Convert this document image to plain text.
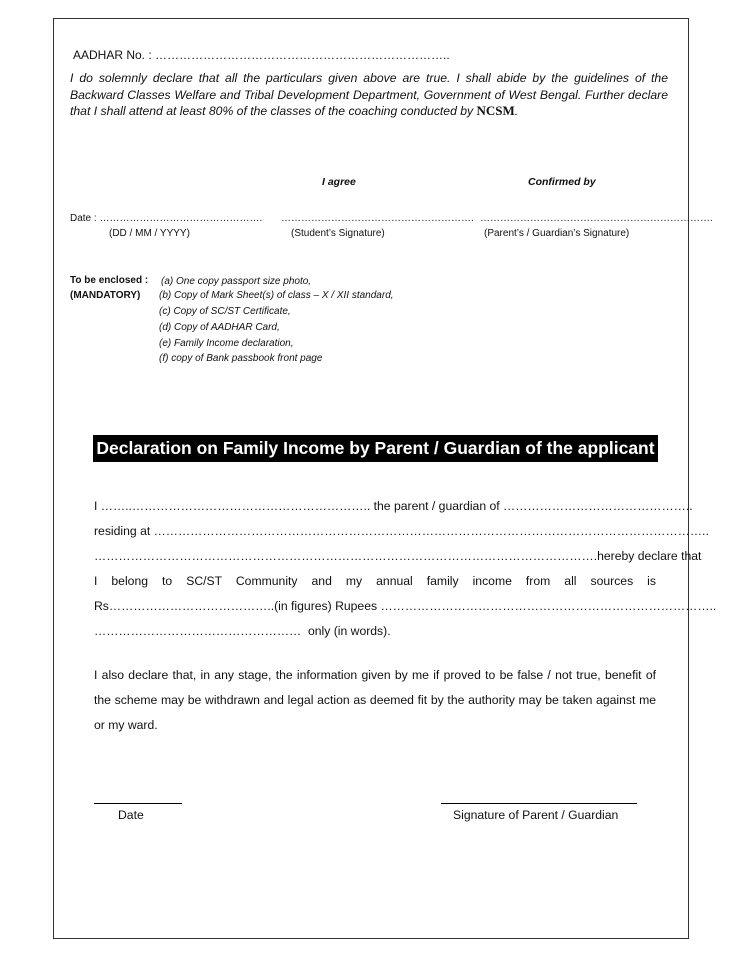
AADHAR No. : ………………………………………………………………..
I do solemnly declare that all the particulars given above are true. I shall abide by the guidelines of the Backward Classes Welfare and Tribal Development Department, Government of West Bengal. Further declare that I shall attend at least 80% of the classes of the coaching conducted by NCSM.
I agree	Confirmed by
Date : ………………………………………….
(DD / MM / YYYY)
………………………………………………….
(Student’s Signature)
…………………………………………………………….
(Parent’s / Guardian’s Signature)
To be enclosed :
(MANDATORY)
(a) One copy passport size photo,
(b) Copy of Mark Sheet(s) of class – X / XII standard,
(c) Copy of SC/ST Certificate,
(d) Copy of AADHAR Card,
(e) Family Income declaration,
(f) copy of Bank passbook front page
Declaration on Family Income by Parent / Guardian of the applicant
I ……..………………………………………………….. the parent / guardian of ………………………………………..
residing at ………………………………………………………………………………………………………………………..
……………………………………………………………………………………………………………. hereby declare that
I belong to SC/ST Community and my annual family income from all sources is
Rs………………………………….. (in figures) Rupees ………………………………………………………………………..
…………………………………………… only (in words).
I also declare that, in any stage, the information given by me if proved to be false / not true, benefit of the scheme may be withdrawn and legal action as deemed fit by the authority may be taken against me or my ward.
Date	Signature of Parent / Guardian
